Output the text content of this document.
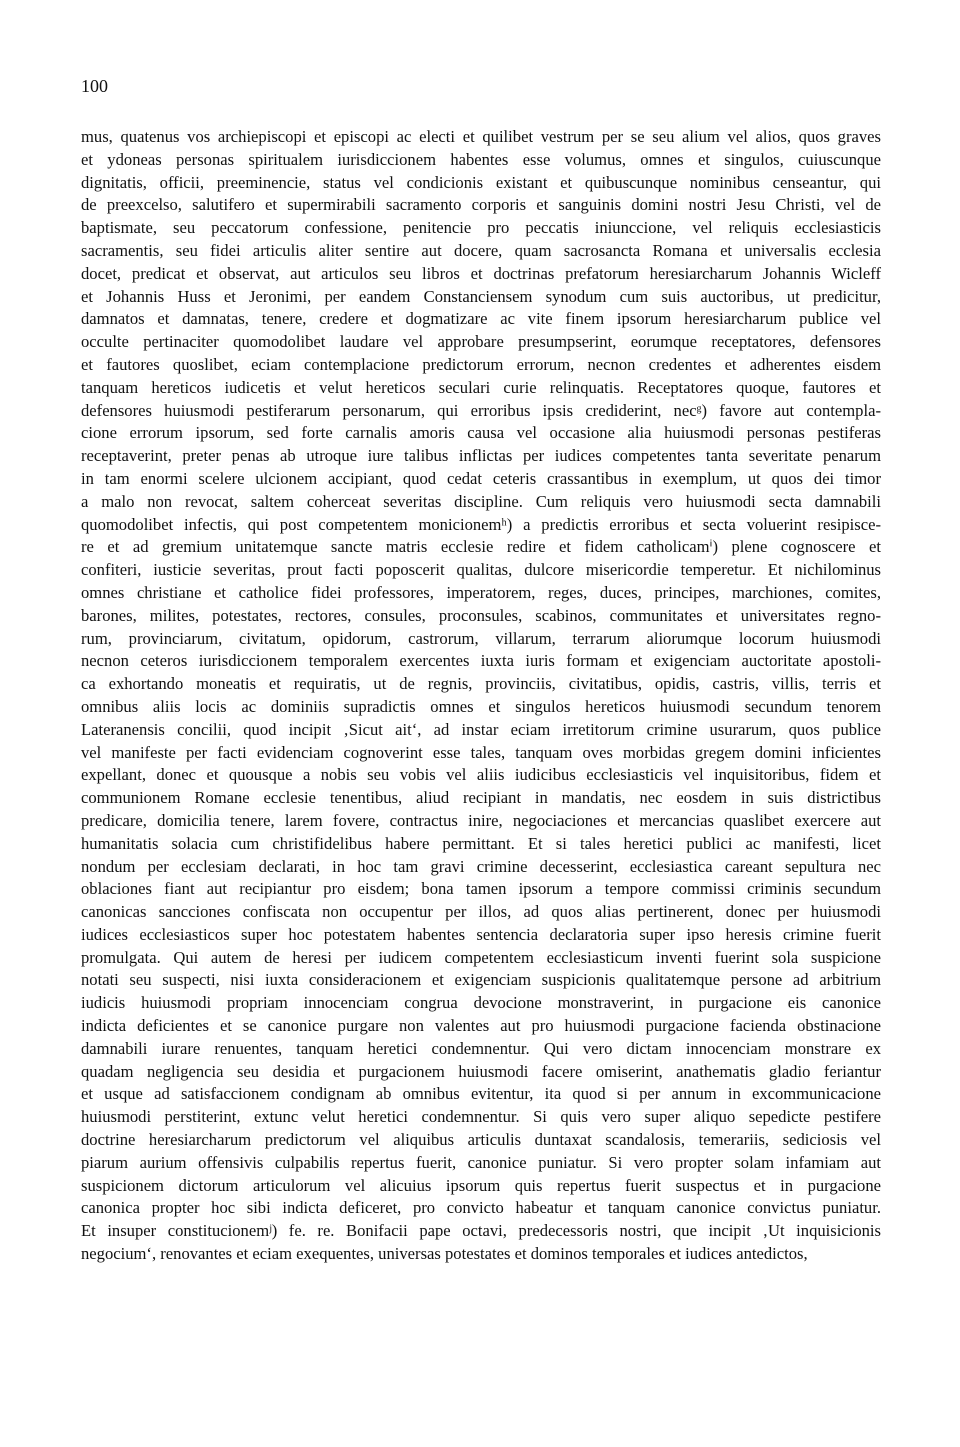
100
mus, quatenus vos archiepiscopi et episcopi ac electi et quilibet vestrum per se seu alium vel alios, quos graves
et ydoneas personas spiritualem iurisdiccionem habentes esse volumus, omnes et singulos, cuiuscunque
dignitatis, officii, preeminencie, status vel condicionis existant et quibuscunque nominibus censeantur, qui
de preexcelso, salutifero et supermirabili sacramento corporis et sanguinis domini nostri Jesu Christi, vel de
baptismate, seu peccatorum confessione, penitencie pro peccatis iniunccione, vel reliquis ecclesiasticis
sacramentis, seu fidei articulis aliter sentire aut docere, quam sacrosancta Romana et universalis ecclesia
docet, predicat et observat, aut articulos seu libros et doctrinas prefatorum heresiarcharum Johannis Wicleff
et Johannis Huss et Jeronimi, per eandem Constanciensem synodum cum suis auctoribus, ut predicitur,
damnatos et damnatas, tenere, credere et dogmatizare ac vite finem ipsorum heresiarcharum publice vel
occulte pertinaciter quomodolibet laudare vel approbare presumpserint, eorumque receptatores, defensores
et fautores quoslibet, eciam contemplacione predictorum errorum, necnon credentes et adherentes eisdem
tanquam hereticos iudicetis et velut hereticos seculari curie relinquatis. Receptatores quoque, fautores et
defensores huiusmodi pestiferarum personarum, qui erroribus ipsis crediderint, necᵍ) favore aut contempla-
cione errorum ipsorum, sed forte carnalis amoris causa vel occasione alia huiusmodi personas pestiferas
receptaverint, preter penas ab utroque iure talibus inflictas per iudices competentes tanta severitate penarum
in tam enormi scelere ulcionem accipiant, quod cedat ceteris crassantibus in exemplum, ut quos dei timor
a malo non revocat, saltem coherceat severitas discipline. Cum reliquis vero huiusmodi secta damnabili
quomodolibet infectis, qui post competentem monicionemʰ) a predictis erroribus et secta voluerint resipisce-
re et ad gremium unitatemque sancte matris ecclesie redire et fidem catholicamⁱ) plene cognoscere et
confiteri, iusticie severitas, prout facti poposcerit qualitas, dulcore misericordie temperetur. Et nichilominus
omnes christiane et catholice fidei professores, imperatorem, reges, duces, principes, marchiones, comites,
barones, milites, potestates, rectores, consules, proconsules, scabinos, communitates et universitates regno-
rum, provinciarum, civitatum, opidorum, castrorum, villarum, terrarum aliorumque locorum huiusmodi
necnon ceteros iurisdiccionem temporalem exercentes iuxta iuris formam et exigenciam auctoritate apostoli-
ca exhortando moneatis et requiratis, ut de regnis, provinciis, civitatibus, opidis, castris, villis, terris et
omnibus aliis locis ac dominiis supradictis omnes et singulos hereticos huiusmodi secundum tenorem
Lateranensis concilii, quod incipit ‚Sicut ait‘, ad instar eciam irretitorum crimine usurarum, quos publice
vel manifeste per facti evidenciam cognoverint esse tales, tanquam oves morbidas gregem domini inficientes
expellant, donec et quousque a nobis seu vobis vel aliis iudicibus ecclesiasticis vel inquisitoribus, fidem et
communionem Romane ecclesie tenentibus, aliud recipiant in mandatis, nec eosdem in suis districtibus
predicare, domicilia tenere, larem fovere, contractus inire, negociaciones et mercancias quaslibet exercere aut
humanitatis solacia cum christifidelibus habere permittant. Et si tales heretici publici ac manifesti, licet
nondum per ecclesiam declarati, in hoc tam gravi crimine decesserint, ecclesiastica careant sepultura nec
oblaciones fiant aut recipiantur pro eisdem; bona tamen ipsorum a tempore commissi criminis secundum
canonicas sancciones confiscata non occupentur per illos, ad quos alias pertinerent, donec per huiusmodi
iudices ecclesiasticos super hoc potestatem habentes sentencia declaratoria super ipso heresis crimine fuerit
promulgata. Qui autem de heresi per iudicem competentem ecclesiasticum inventi fuerint sola suspicione
notati seu suspecti, nisi iuxta consideracionem et exigenciam suspicionis qualitatemque persone ad arbitrium
iudicis huiusmodi propriam innocenciam congrua devocione monstraverint, in purgacione eis canonice
indicta deficientes et se canonice purgare non valentes aut pro huiusmodi purgacione facienda obstinacione
damnabili iurare renuentes, tanquam heretici condemnentur. Qui vero dictam innocenciam monstrare ex
quadam negligencia seu desidia et purgacionem huiusmodi facere omiserint, anathematis gladio feriantur
et usque ad satisfaccionem condignam ab omnibus evitentur, ita quod si per annum in excommunicacione
huiusmodi perstiterint, extunc velut heretici condemnentur. Si quis vero super aliquo sepedicte pestifere
doctrine heresiarcharum predictorum vel aliquibus articulis duntaxat scandalosis, temerariis, sediciosis vel
piarum aurium offensivis culpabilis repertus fuerit, canonice puniatur. Si vero propter solam infamiam aut
suspicionem dictorum articulorum vel alicuius ipsorum quis repertus fuerit suspectus et in purgacione
canonica propter hoc sibi indicta deficeret, pro convicto habeatur et tanquam canonice convictus puniatur.
Et insuper constitucionemʲ) fe. re. Bonifacii pape octavi, predecessoris nostri, que incipit ‚Ut inquisicionis
negocium‘, renovantes et eciam exequentes, universas potestates et dominos temporales et iudices antedictos,
